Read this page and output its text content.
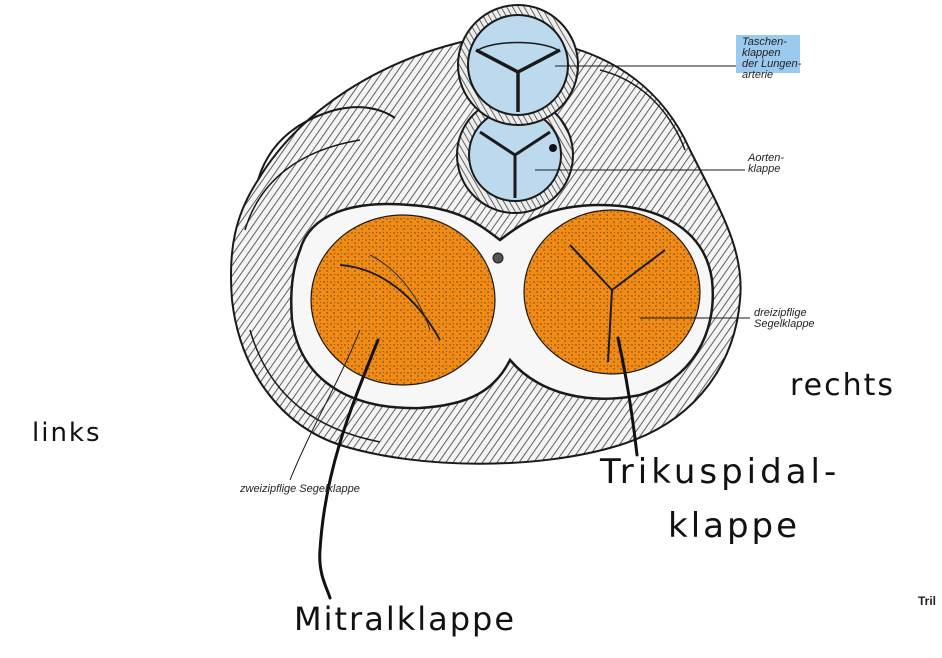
Taschen-
klappen
der Lungen-
arterie
Aorten-
klappe
dreizipflige
Segelklappe
zweizipflige Segelklappe
Tril
links
rechts
Trikuspidal-
klappe
Mitralklappe
